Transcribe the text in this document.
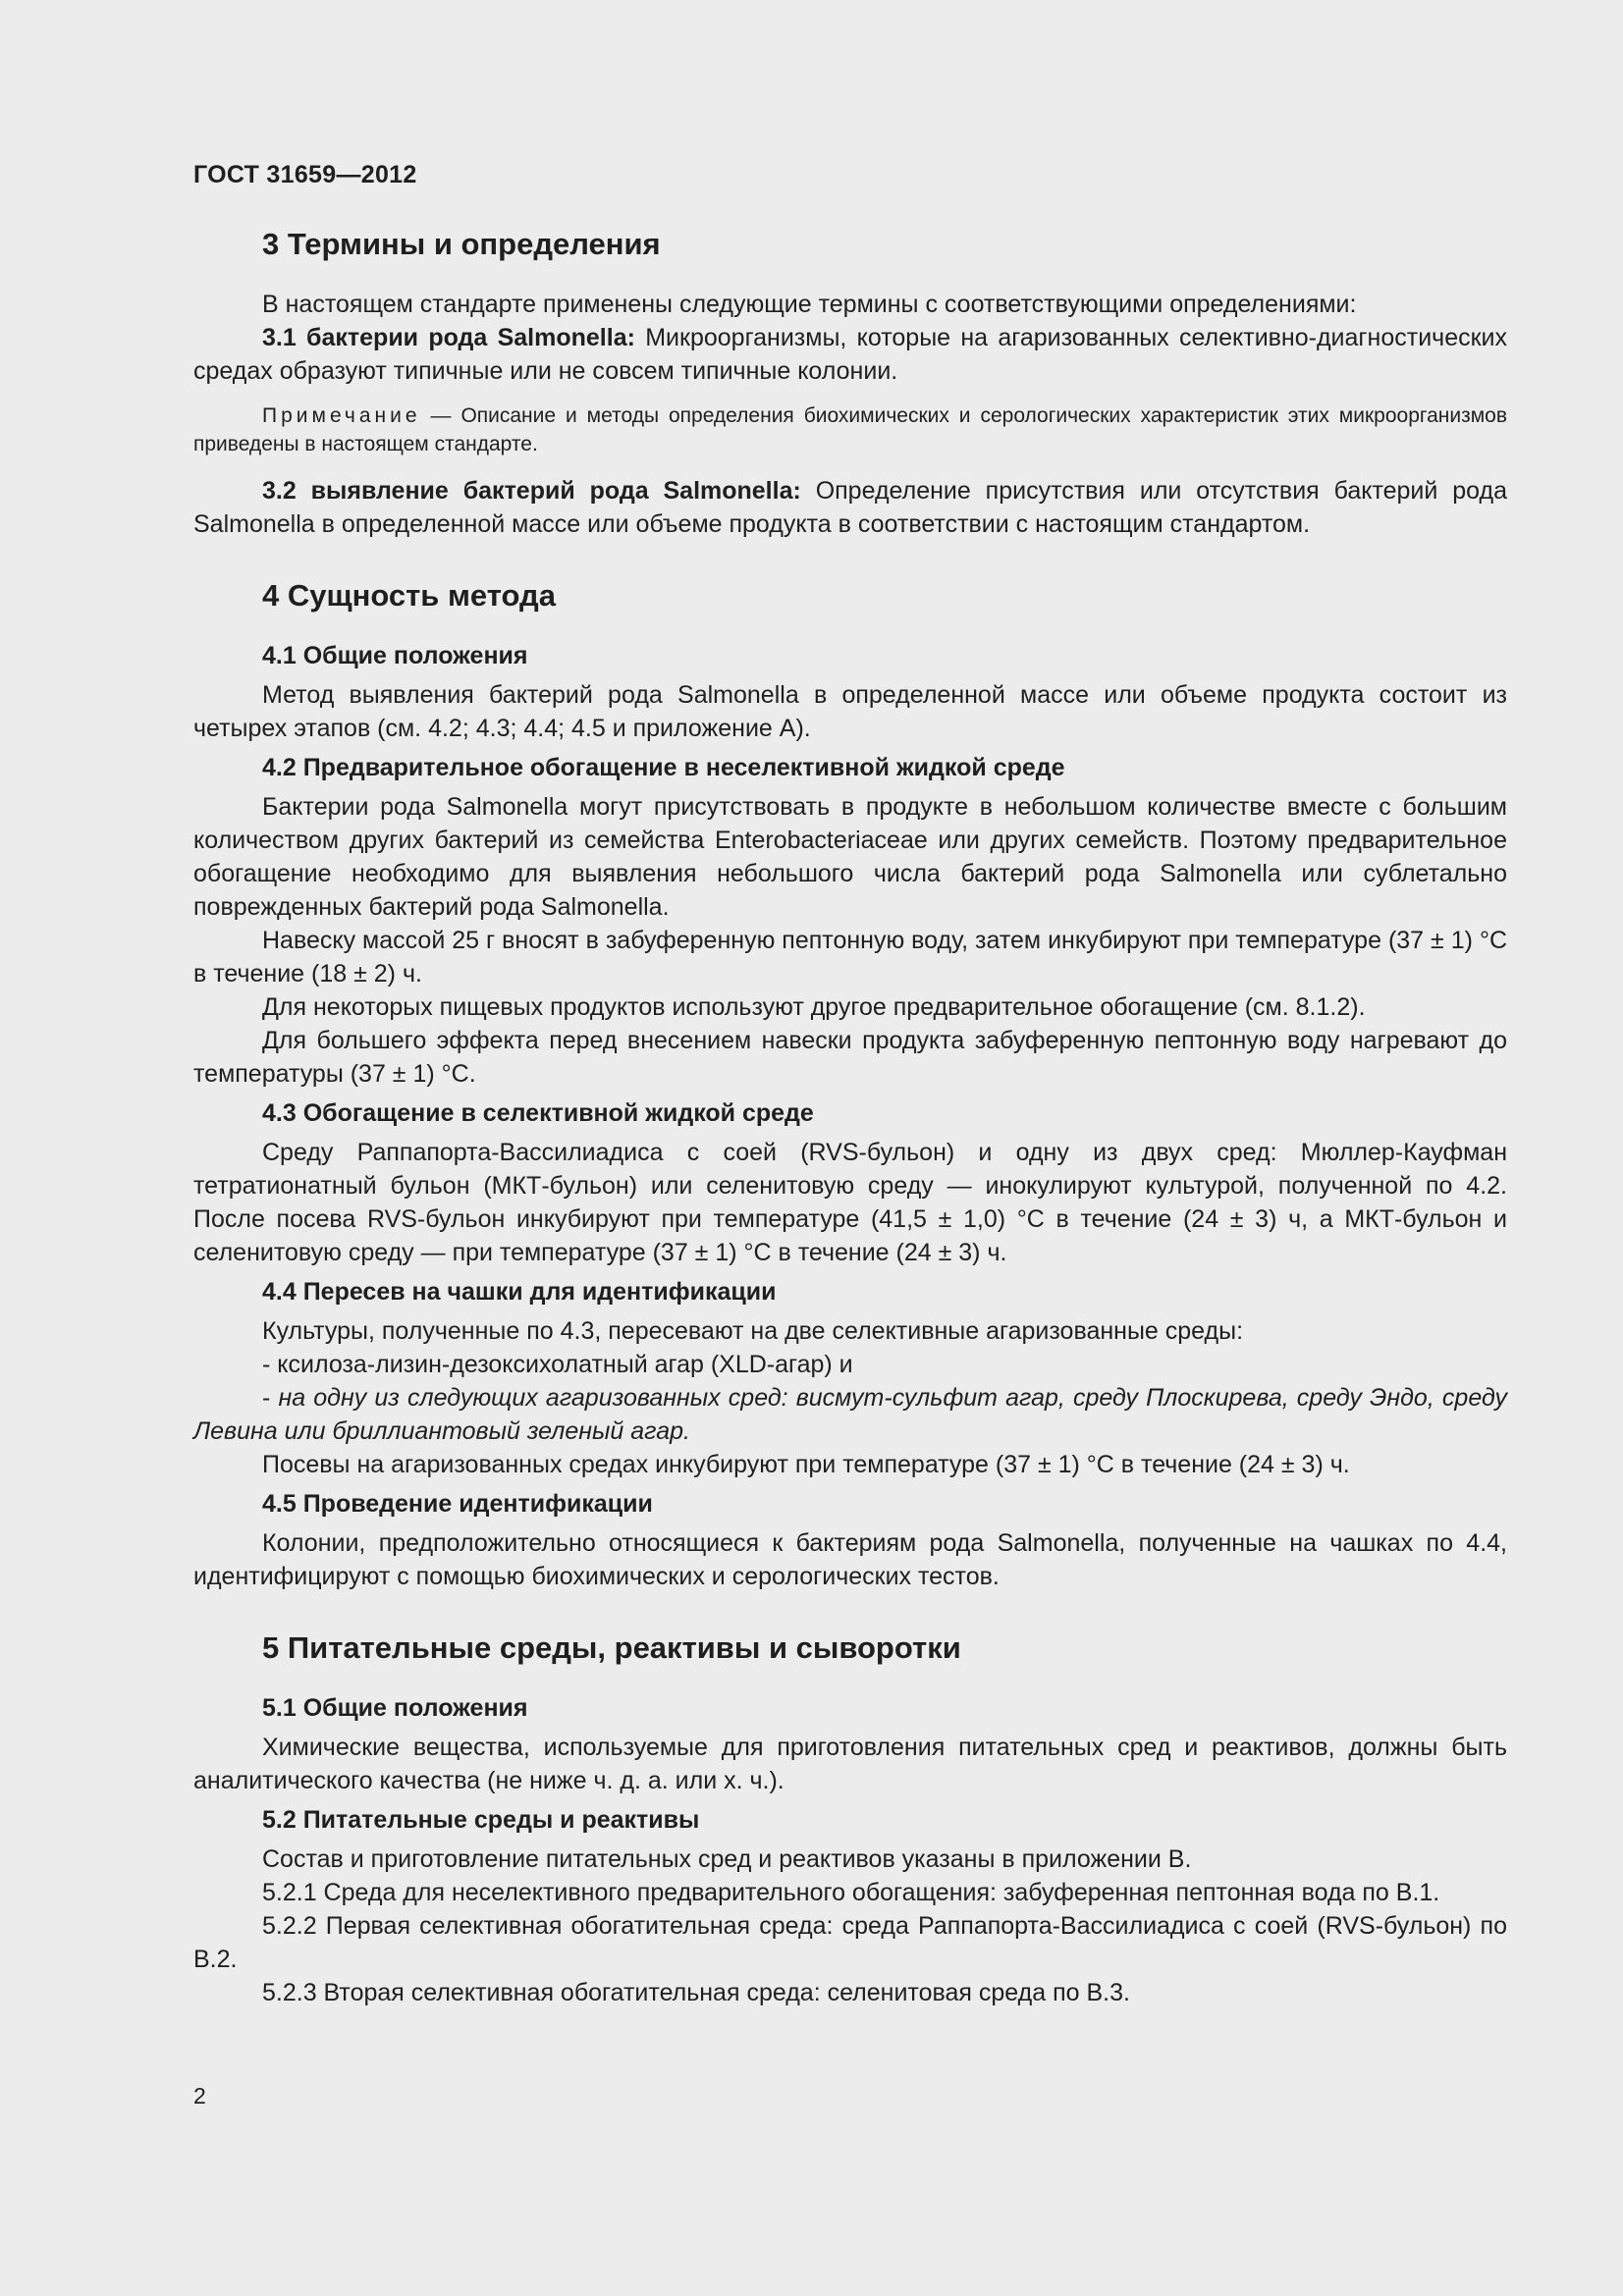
ГОСТ 31659—2012
3 Термины и определения

В настоящем стандарте применены следующие термины с соответствующими определениями:

3.1 бактерии рода Salmonella: Микроорганизмы, которые на агаризованных селективно-диагностических средах образуют типичные или не совсем типичные колонии.

Примечание — Описание и методы определения биохимических и серологических характеристик этих микроорганизмов приведены в настоящем стандарте.

3.2 выявление бактерий рода Salmonella: Определение присутствия или отсутствия бактерий рода Salmonella в определенной массе или объеме продукта в соответствии с настоящим стандартом.

4 Сущность метода
4.1 Общие положения

Метод выявления бактерий рода Salmonella в определенной массе или объеме продукта состоит из четырех этапов (см. 4.2; 4.3; 4.4; 4.5 и приложение А).

4.2 Предварительное обогащение в неселективной жидкой среде

Бактерии рода Salmonella могут присутствовать в продукте в небольшом количестве вместе с большим количеством других бактерий из семейства Enterobacteriaceae или других семейств. Поэтому предварительное обогащение необходимо для выявления небольшого числа бактерий рода Salmonella или сублетально поврежденных бактерий рода Salmonella.

Навеску массой 25 г вносят в забуференную пептонную воду, затем инкубируют при температуре (37 ± 1) °С в течение (18 ± 2) ч.

Для некоторых пищевых продуктов используют другое предварительное обогащение (см. 8.1.2).

Для большего эффекта перед внесением навески продукта забуференную пептонную воду нагревают до температуры (37 ± 1) °С.

4.3 Обогащение в селективной жидкой среде

Среду Раппапорта-Вассилиадиса с соей (RVS-бульон) и одну из двух сред: Мюллер-Кауфман тетратионатный бульон (МКТ-бульон) или селенитовую среду — инокулируют культурой, полученной по 4.2. После посева RVS-бульон инкубируют при температуре (41,5 ± 1,0) °С в течение (24 ± 3) ч, а МКТ-бульон и селенитовую среду — при температуре (37 ± 1) °С в течение (24 ± 3) ч.

4.4 Пересев на чашки для идентификации

Культуры, полученные по 4.3, пересевают на две селективные агаризованные среды:

- ксилоза-лизин-дезоксихолатный агар (XLD-агар) и

- на одну из следующих агаризованных сред: висмут-сульфит агар, среду Плоскирева, среду Эндо, среду Левина или бриллиантовый зеленый агар.

Посевы на агаризованных средах инкубируют при температуре (37 ± 1) °С в течение (24 ± 3) ч.

4.5 Проведение идентификации

Колонии, предположительно относящиеся к бактериям рода Salmonella, полученные на чашках по 4.4, идентифицируют с помощью биохимических и серологических тестов.

5 Питательные среды, реактивы и сыворотки
5.1 Общие положения

Химические вещества, используемые для приготовления питательных сред и реактивов, должны быть аналитического качества (не ниже ч. д. а. или х. ч.).

5.2 Питательные среды и реактивы

Состав и приготовление питательных сред и реактивов указаны в приложении В.

5.2.1 Среда для неселективного предварительного обогащения: забуференная пептонная вода по В.1.

5.2.2 Первая селективная обогатительная среда: среда Раппапорта-Вассилиадиса с соей (RVS-бульон) по В.2.

5.2.3 Вторая селективная обогатительная среда: селенитовая среда по В.3.

2
